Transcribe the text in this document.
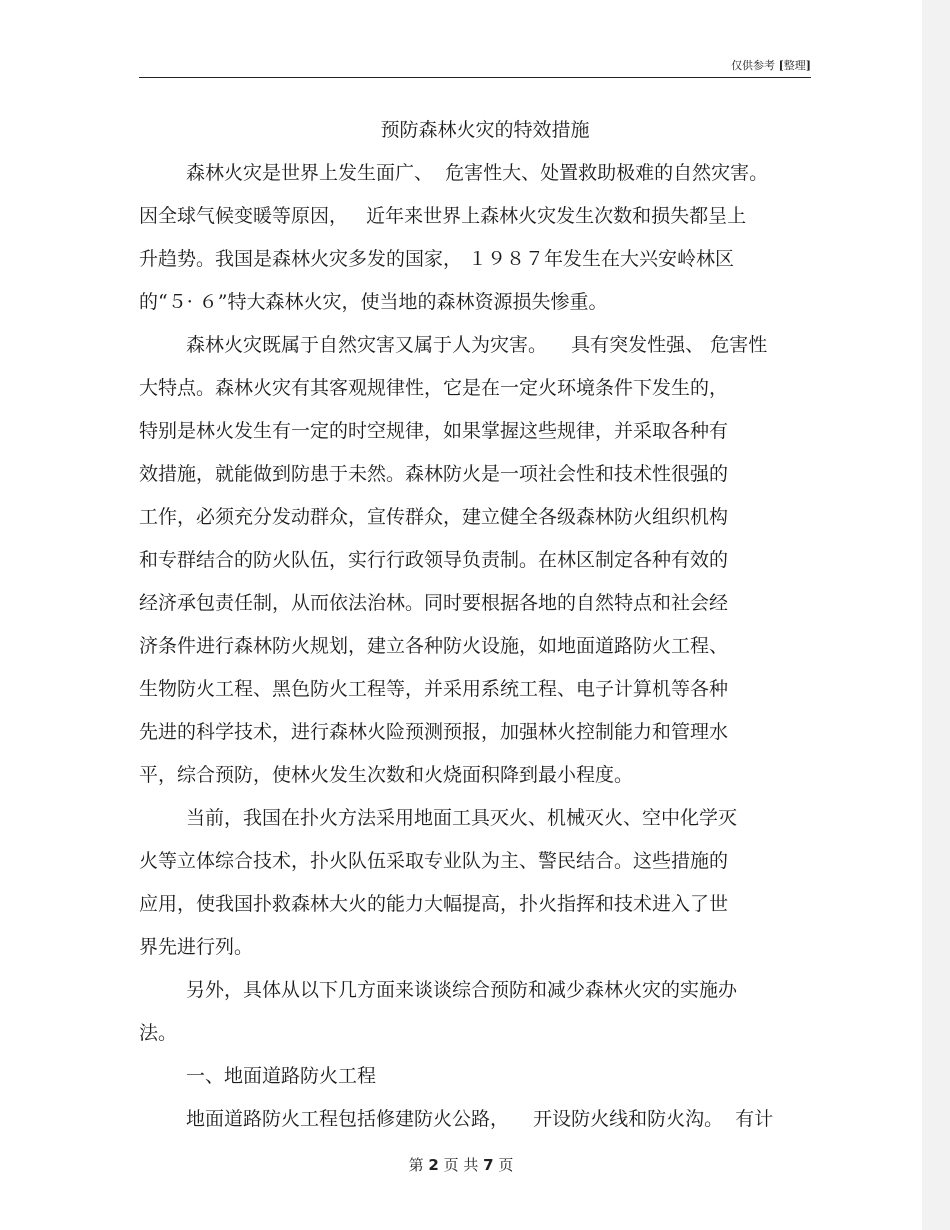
仅供参考 [整理]
预防森林火灾的特效措施
森林火灾是世界上发生面广、  危害性大、处置救助极难的自然灾害。
因全球气候变暖等原因，   近年来世界上森林火灾发生次数和损失都呈上
升趋势。我国是森林火灾多发的国家， １９８７年发生在大兴安岭林区
的“５· ６”特大森林火灾，使当地的森林资源损失惨重。
森林火灾既属于自然灾害又属于人为灾害。    具有突发性强、 危害性
大特点。森林火灾有其客观规律性，它是在一定火环境条件下发生的，
特别是林火发生有一定的时空规律，如果掌握这些规律，并采取各种有
效措施，就能做到防患于未然。森林防火是一项社会性和技术性很强的
工作，必须充分发动群众，宣传群众，建立健全各级森林防火组织机构
和专群结合的防火队伍，实行行政领导负责制。在林区制定各种有效的
经济承包责任制，从而依法治林。同时要根据各地的自然特点和社会经
济条件进行森林防火规划，建立各种防火设施，如地面道路防火工程、
生物防火工程、黑色防火工程等，并采用系统工程、电子计算机等各种
先进的科学技术，进行森林火险预测预报，加强林火控制能力和管理水
平，综合预防，使林火发生次数和火烧面积降到最小程度。
当前，我国在扑火方法采用地面工具灭火、机械灭火、空中化学灭
火等立体综合技术，扑火队伍采取专业队为主、警民结合。这些措施的
应用，使我国扑救森林大火的能力大幅提高，扑火指挥和技术进入了世
界先进行列。
另外，具体从以下几方面来谈谈综合预防和减少森林火灾的实施办
法。
一、地面道路防火工程
地面道路防火工程包括修建防火公路，    开设防火线和防火沟。  有计
第 2 页 共 7 页
